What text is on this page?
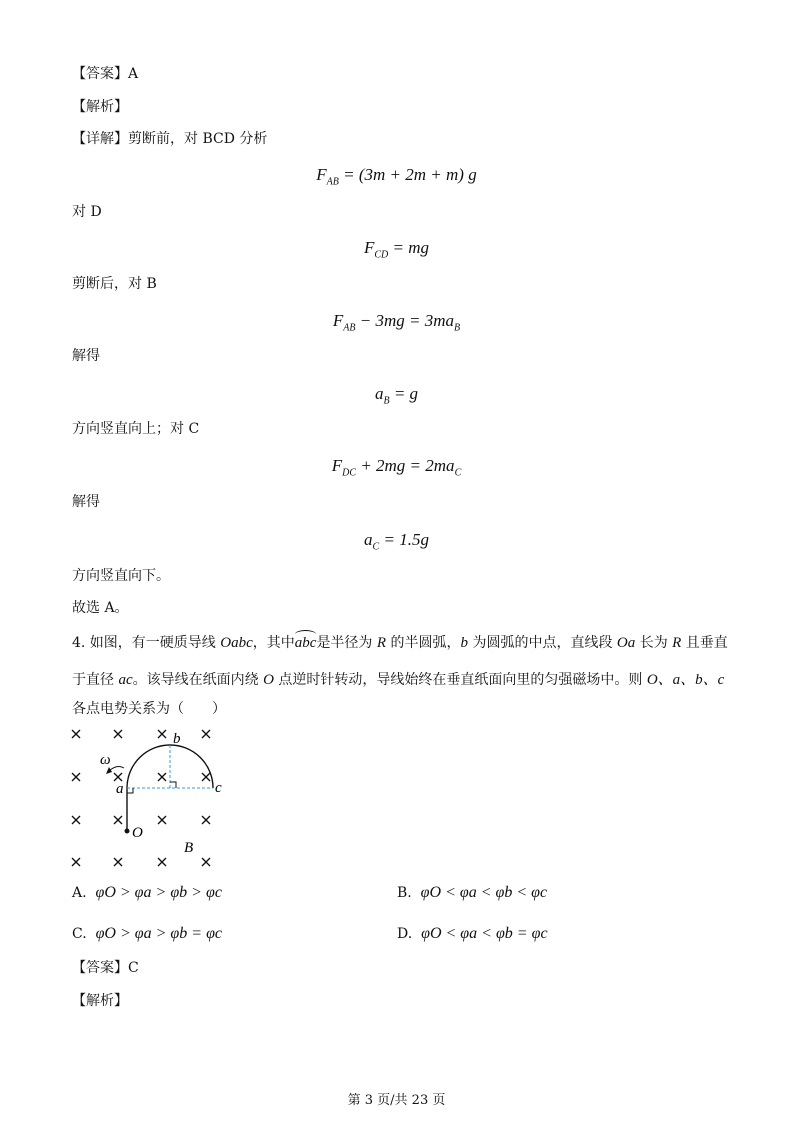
【答案】A
【解析】
【详解】剪断前，对 BCD 分析
$F_{AB} = (3m + 2m + m)$ g
对 D
$F_{CD}$ = mg
剪断后，对 B
$F_{AB} - 3mg = 3ma_B$
解得
$a_B = g$
方向竖直向上；对 C
$F_{DC} + 2mg = 2ma_C$
解得
$a_C = 1.5g$
方向竖直向下。
故选 A。
4. 如图，有一硬质导线 Oabc，其中abc是半径为 R 的半圆弧，b 为圆弧的中点，直线段 Oa 长为 R 且垂直
于直径 ac。该导线在纸面内绕 O 点逆时针转动，导线始终在垂直纸面向里的匀强磁场中。则 O、a、b、c
各点电势关系为（　　）
ω
a
b
c
O
B
A. φO > φa > φb > φc	B. φO < φa < φb < φc
C. φO > φa > φb = φc	D. φO < φa < φb = φc
【答案】C
【解析】
第 3 页/共 23 页
